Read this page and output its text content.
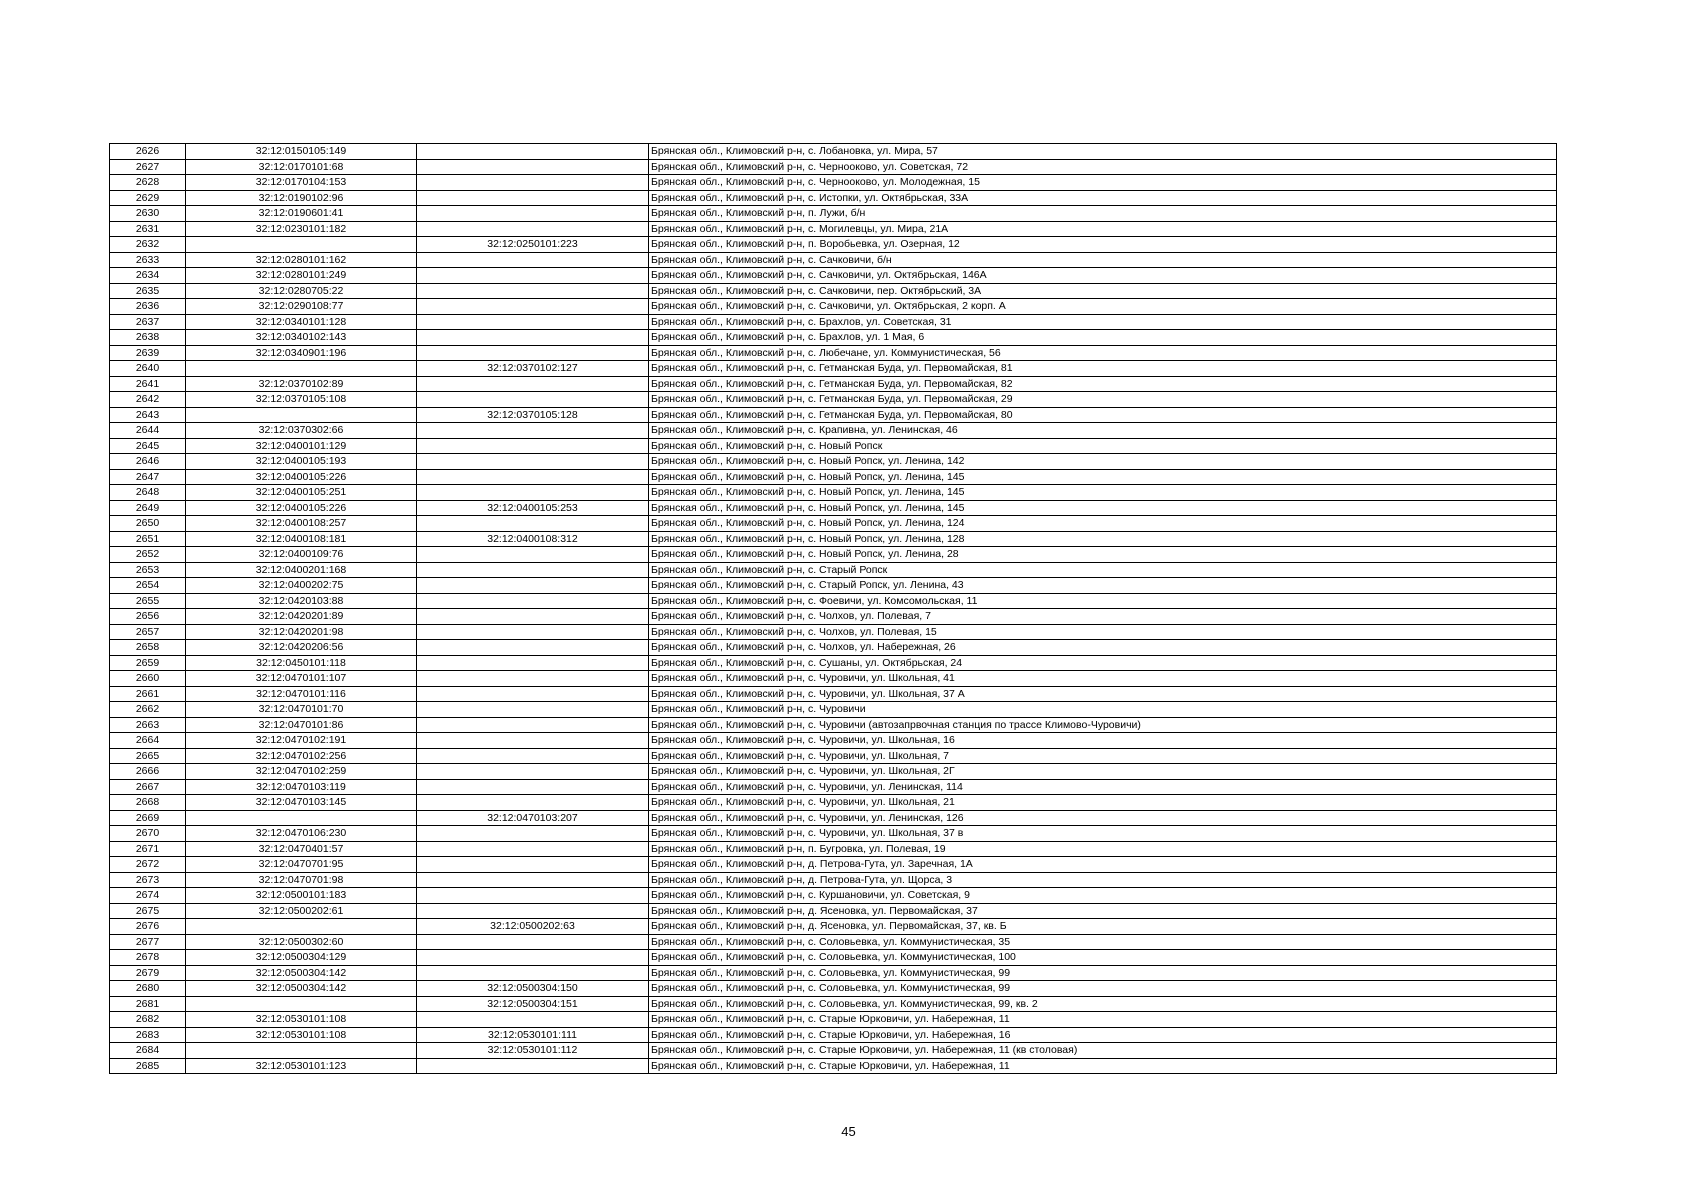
2626	32:12:0150105:149		Брянская обл., Климовский р-н, с. Лобановка, ул. Мира, 57
2627	32:12:0170101:68		Брянская обл., Климовский р-н, с. Чернооково, ул. Советская, 72
2628	32:12:0170104:153		Брянская обл., Климовский р-н, с. Чернооково, ул. Молодежная, 15
2629	32:12:0190102:96		Брянская обл., Климовский р-н, с. Истопки, ул. Октябрьская, 33А
2630	32:12:0190601:41		Брянская обл., Климовский р-н, п. Лужи, б/н
2631	32:12:0230101:182		Брянская обл., Климовский р-н, с. Могилевцы, ул. Мира, 21А
2632		32:12:0250101:223	Брянская обл., Климовский р-н, п. Воробьевка, ул. Озерная, 12
2633	32:12:0280101:162		Брянская обл., Климовский р-н, с. Сачковичи, б/н
2634	32:12:0280101:249		Брянская обл., Климовский р-н, с. Сачковичи, ул. Октябрьская, 146А
2635	32:12:0280705:22		Брянская обл., Климовский р-н, с. Сачковичи, пер. Октябрьский, 3А
2636	32:12:0290108:77		Брянская обл., Климовский р-н, с. Сачковичи, ул. Октябрьская, 2 корп. А
2637	32:12:0340101:128		Брянская обл., Климовский р-н, с. Брахлов, ул. Советская, 31
2638	32:12:0340102:143		Брянская обл., Климовский р-н, с. Брахлов, ул. 1 Мая, 6
2639	32:12:0340901:196		Брянская обл., Климовский р-н, с. Любечане, ул. Коммунистическая, 56
2640		32:12:0370102:127	Брянская обл., Климовский р-н, с. Гетманская Буда, ул. Первомайская, 81
2641	32:12:0370102:89		Брянская обл., Климовский р-н, с. Гетманская Буда, ул. Первомайская, 82
2642	32:12:0370105:108		Брянская обл., Климовский р-н, с. Гетманская Буда, ул. Первомайская, 29
2643		32:12:0370105:128	Брянская обл., Климовский р-н, с. Гетманская Буда, ул. Первомайская, 80
2644	32:12:0370302:66		Брянская обл., Климовский р-н, с. Крапивна, ул. Ленинская, 46
2645	32:12:0400101:129		Брянская обл., Климовский р-н, с. Новый Ропск
2646	32:12:0400105:193		Брянская обл., Климовский р-н, с. Новый Ропск, ул. Ленина, 142
2647	32:12:0400105:226		Брянская обл., Климовский р-н, с. Новый Ропск, ул. Ленина, 145
2648	32:12:0400105:251		Брянская обл., Климовский р-н, с. Новый Ропск, ул. Ленина, 145
2649	32:12:0400105:226	32:12:0400105:253	Брянская обл., Климовский р-н, с. Новый Ропск, ул. Ленина, 145
2650	32:12:0400108:257		Брянская обл., Климовский р-н, с. Новый Ропск, ул. Ленина, 124
2651	32:12:0400108:181	32:12:0400108:312	Брянская обл., Климовский р-н, с. Новый Ропск, ул. Ленина, 128
2652	32:12:0400109:76		Брянская обл., Климовский р-н, с. Новый Ропск, ул. Ленина, 28
2653	32:12:0400201:168		Брянская обл., Климовский р-н, с. Старый Ропск
2654	32:12:0400202:75		Брянская обл., Климовский р-н, с. Старый Ропск, ул. Ленина, 43
2655	32:12:0420103:88		Брянская обл., Климовский р-н, с. Фоевичи, ул. Комсомольская, 11
2656	32:12:0420201:89		Брянская обл., Климовский р-н, с. Чолхов, ул. Полевая, 7
2657	32:12:0420201:98		Брянская обл., Климовский р-н, с. Чолхов, ул. Полевая, 15
2658	32:12:0420206:56		Брянская обл., Климовский р-н, с. Чолхов, ул. Набережная, 26
2659	32:12:0450101:118		Брянская обл., Климовский р-н, с. Сушаны, ул. Октябрьская, 24
2660	32:12:0470101:107		Брянская обл., Климовский р-н, с. Чуровичи, ул. Школьная, 41
2661	32:12:0470101:116		Брянская обл., Климовский р-н, с. Чуровичи, ул. Школьная, 37 А
2662	32:12:0470101:70		Брянская обл., Климовский р-н, с. Чуровичи
2663	32:12:0470101:86		Брянская обл., Климовский р-н, с. Чуровичи (автозапрвочная станция по трассе Климово-Чуровичи)
2664	32:12:0470102:191		Брянская обл., Климовский р-н, с. Чуровичи, ул. Школьная, 16
2665	32:12:0470102:256		Брянская обл., Климовский р-н, с. Чуровичи, ул. Школьная, 7
2666	32:12:0470102:259		Брянская обл., Климовский р-н, с. Чуровичи, ул. Школьная, 2Г
2667	32:12:0470103:119		Брянская обл., Климовский р-н, с. Чуровичи, ул. Ленинская, 114
2668	32:12:0470103:145		Брянская обл., Климовский р-н, с. Чуровичи, ул. Школьная, 21
2669		32:12:0470103:207	Брянская обл., Климовский р-н, с. Чуровичи, ул. Ленинская, 126
2670	32:12:0470106:230		Брянская обл., Климовский р-н, с. Чуровичи, ул. Школьная, 37 в
2671	32:12:0470401:57		Брянская обл., Климовский р-н, п. Бугровка, ул. Полевая, 19
2672	32:12:0470701:95		Брянская обл., Климовский р-н, д. Петрова-Гута, ул. Заречная, 1А
2673	32:12:0470701:98		Брянская обл., Климовский р-н, д. Петрова-Гута, ул. Щорса, 3
2674	32:12:0500101:183		Брянская обл., Климовский р-н, с. Куршановичи, ул. Советская, 9
2675	32:12:0500202:61		Брянская обл., Климовский р-н, д. Ясеновка, ул. Первомайская, 37
2676		32:12:0500202:63	Брянская обл., Климовский р-н, д. Ясеновка, ул. Первомайская, 37, кв. Б
2677	32:12:0500302:60		Брянская обл., Климовский р-н, с. Соловьевка, ул. Коммунистическая, 35
2678	32:12:0500304:129		Брянская обл., Климовский р-н, с. Соловьевка, ул. Коммунистическая, 100
2679	32:12:0500304:142		Брянская обл., Климовский р-н, с. Соловьевка, ул. Коммунистическая, 99
2680	32:12:0500304:142	32:12:0500304:150	Брянская обл., Климовский р-н, с. Соловьевка, ул. Коммунистическая, 99
2681		32:12:0500304:151	Брянская обл., Климовский р-н, с. Соловьевка, ул. Коммунистическая, 99, кв. 2
2682	32:12:0530101:108		Брянская обл., Климовский р-н, с. Старые Юрковичи, ул. Набережная, 11
2683	32:12:0530101:108	32:12:0530101:111	Брянская обл., Климовский р-н, с. Старые Юрковичи, ул. Набережная, 16
2684		32:12:0530101:112	Брянская обл., Климовский р-н, с. Старые Юрковичи, ул. Набережная, 11 (кв столовая)
2685	32:12:0530101:123		Брянская обл., Климовский р-н, с. Старые Юрковичи, ул. Набережная, 11
45
